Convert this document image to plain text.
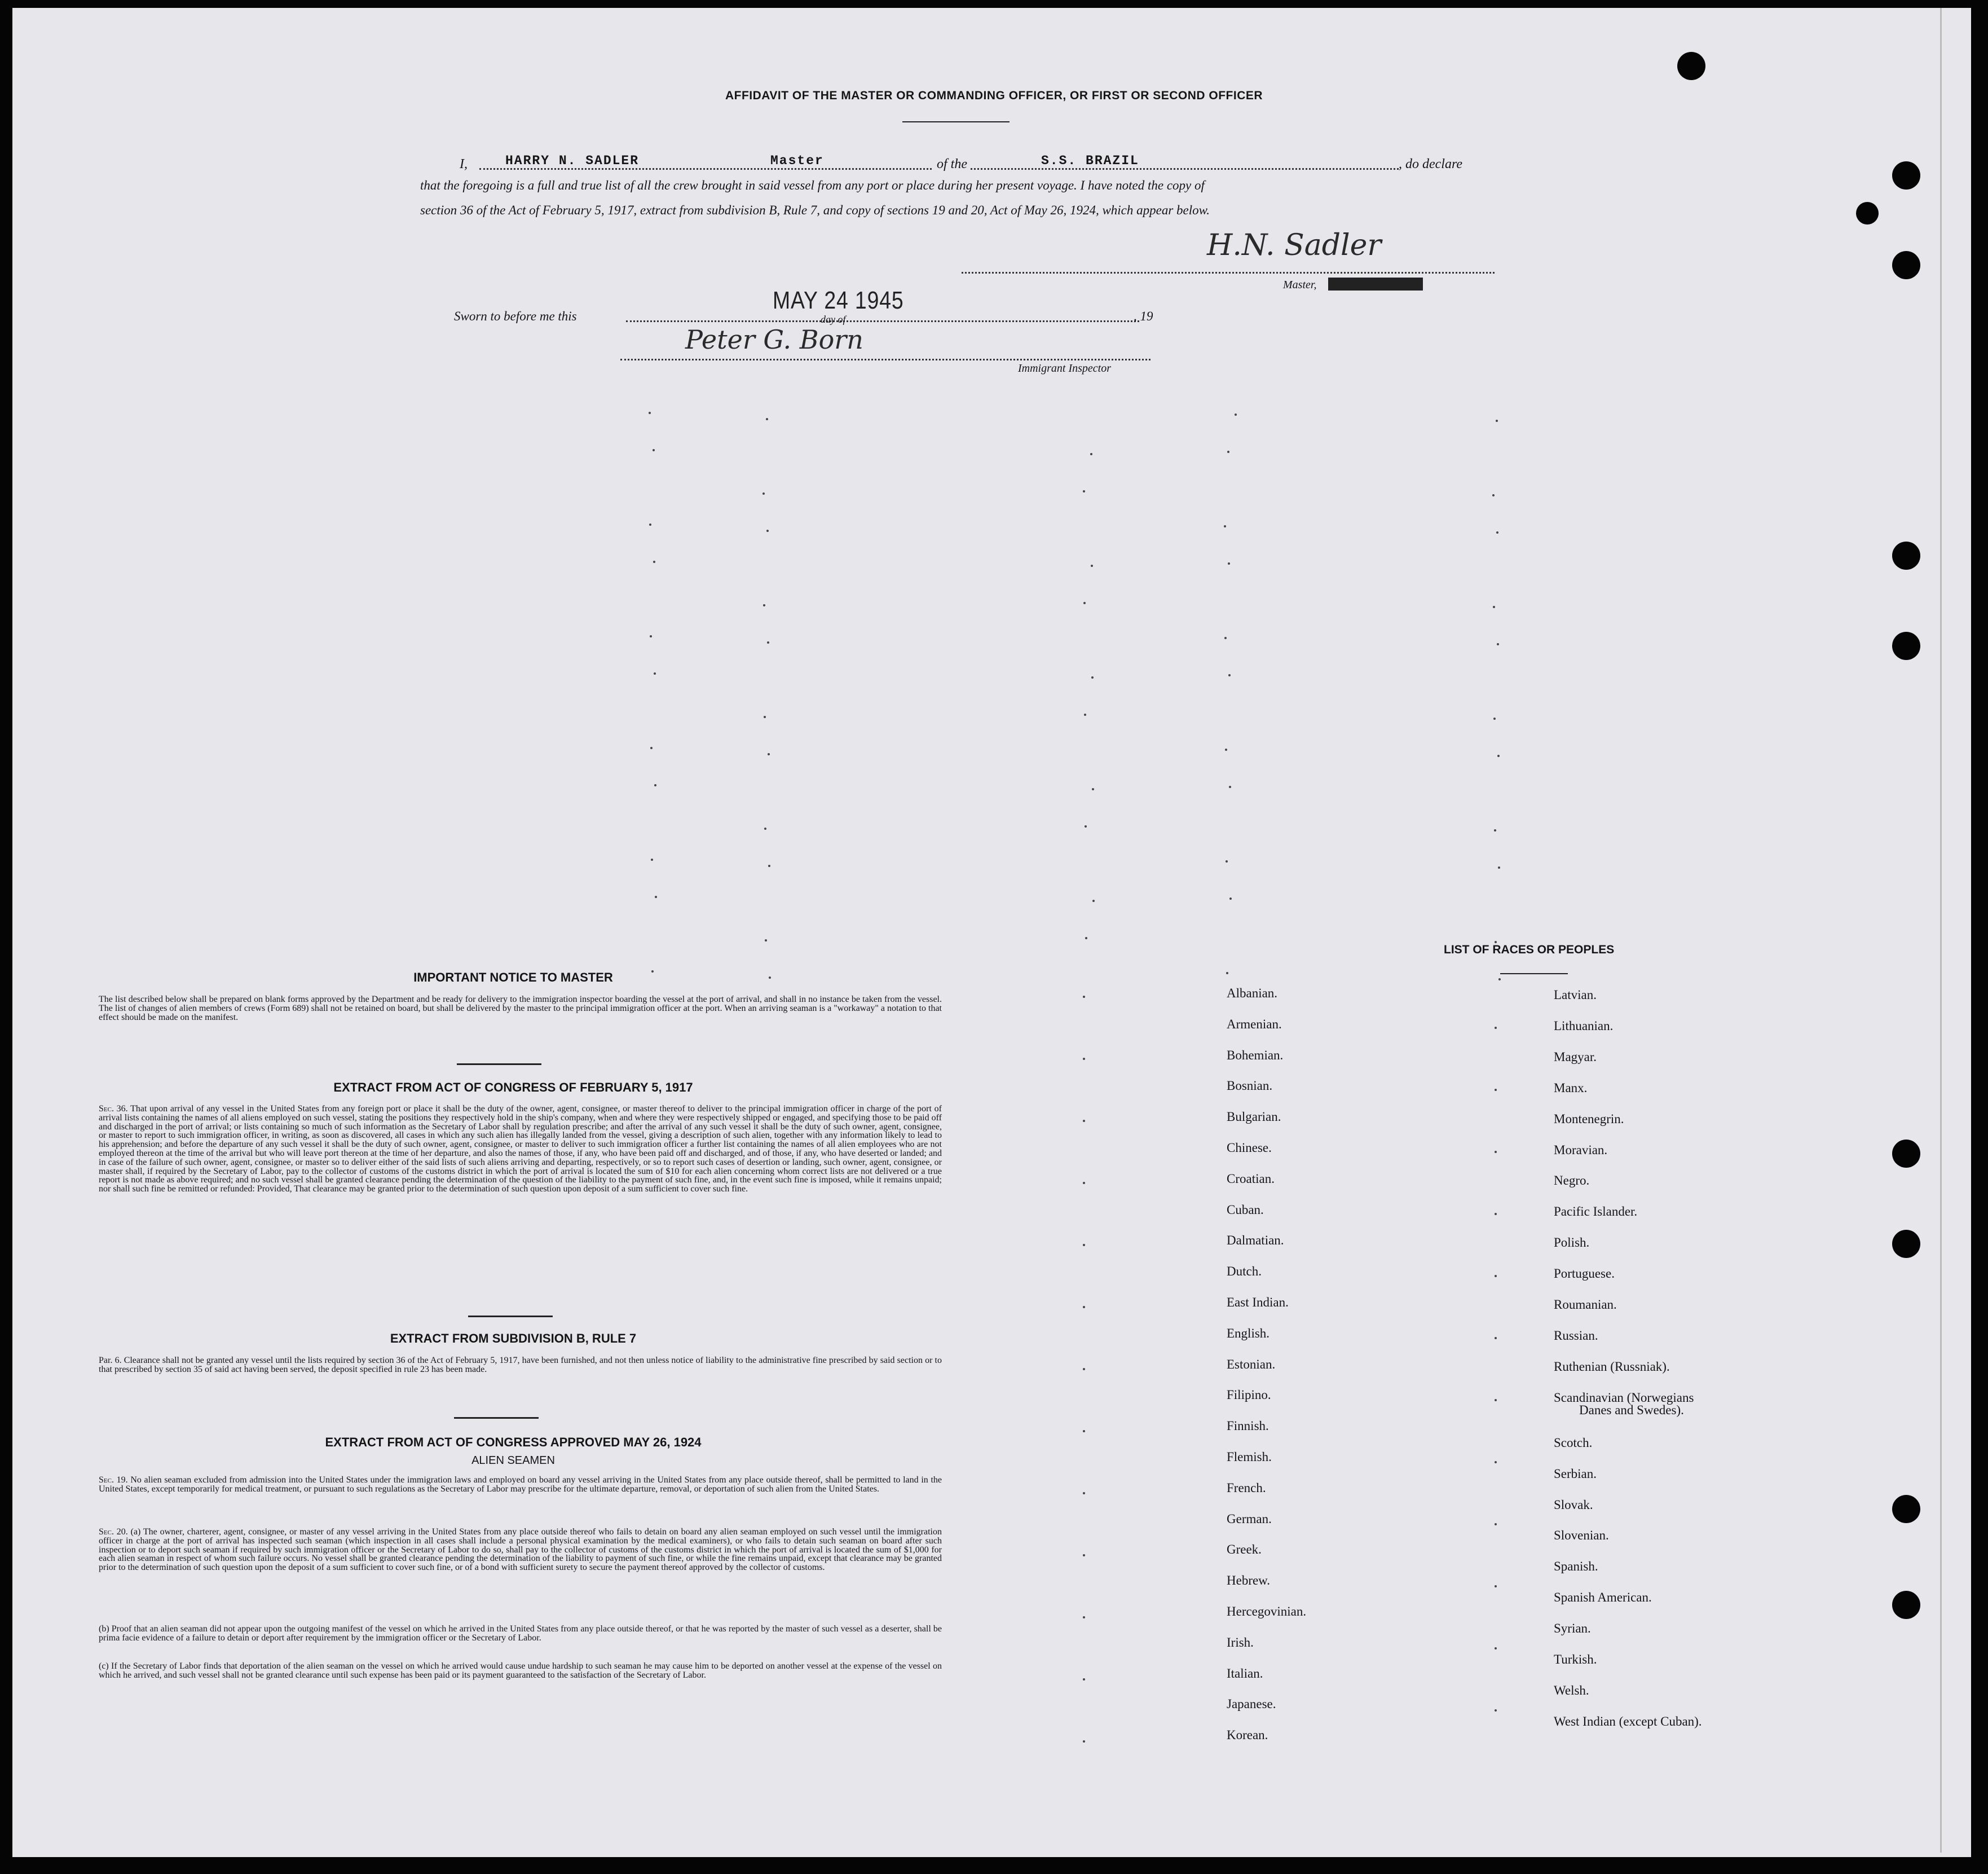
AFFIDAVIT OF THE MASTER OR COMMANDING OFFICER, OR FIRST OR SECOND OFFICER
I,	HARRY N. SADLER	Master	of the	S.S. BRAZIL	, do declare
that the foregoing is a full and true list of all the crew brought in said vessel from any port or place during her present voyage. I have noted the copy of
section 36 of the Act of February 5, 1917, extract from subdivision B, Rule 7, and copy of sections 19 and 20, Act of May 26, 1924, which appear below.
H.N. Sadler
Master, XXXXXXXXXXXXXX
Sworn to before me this
MAY 24 1945
day of	, 19
Peter G. Born
Immigrant Inspector
IMPORTANT NOTICE TO MASTER
The list described below shall be prepared on blank forms approved by the Department and be ready for delivery to the immigration inspector boarding the vessel at the port of arrival, and shall in no instance be taken from the vessel. The list of changes of alien members of crews (Form 689) shall not be retained on board, but shall be delivered by the master to the principal immigration officer at the port. When an arriving seaman is a "workaway" a notation to that effect should be made on the manifest.
EXTRACT FROM ACT OF CONGRESS OF FEBRUARY 5, 1917
Sec. 36. That upon arrival of any vessel in the United States from any foreign port or place it shall be the duty of the owner, agent, consignee, or master thereof to deliver to the principal immigration officer in charge of the port of arrival lists containing the names of all aliens employed on such vessel, stating the positions they respectively hold in the ship's company, when and where they were respectively shipped or engaged, and specifying those to be paid off and discharged in the port of arrival; or lists containing so much of such information as the Secretary of Labor shall by regulation prescribe; and after the arrival of any such vessel it shall be the duty of such owner, agent, consignee, or master to report to such immigration officer, in writing, as soon as discovered, all cases in which any such alien has illegally landed from the vessel, giving a description of such alien, together with any information likely to lead to his apprehension; and before the departure of any such vessel it shall be the duty of such owner, agent, consignee, or master to deliver to such immigration officer a further list containing the names of all alien employees who are not employed thereon at the time of the arrival but who will leave port thereon at the time of her departure, and also the names of those, if any, who have been paid off and discharged, and of those, if any, who have deserted or landed; and in case of the failure of such owner, agent, consignee, or master so to deliver either of the said lists of such aliens arriving and departing, respectively, or so to report such cases of desertion or landing, such owner, agent, consignee, or master shall, if required by the Secretary of Labor, pay to the collector of customs of the customs district in which the port of arrival is located the sum of $10 for each alien concerning whom correct lists are not delivered or a true report is not made as above required; and no such vessel shall be granted clearance pending the determination of the question of the liability to the payment of such fine, and, in the event such fine is imposed, while it remains unpaid; nor shall such fine be remitted or refunded: Provided, That clearance may be granted prior to the determination of such question upon deposit of a sum sufficient to cover such fine.
EXTRACT FROM SUBDIVISION B, RULE 7
Par. 6. Clearance shall not be granted any vessel until the lists required by section 36 of the Act of February 5, 1917, have been furnished, and not then unless notice of liability to the administrative fine prescribed by said section or to that prescribed by section 35 of said act having been served, the deposit specified in rule 23 has been made.
EXTRACT FROM ACT OF CONGRESS APPROVED MAY 26, 1924
ALIEN SEAMEN
Sec. 19. No alien seaman excluded from admission into the United States under the immigration laws and employed on board any vessel arriving in the United States from any place outside thereof, shall be permitted to land in the United States, except temporarily for medical treatment, or pursuant to such regulations as the Secretary of Labor may prescribe for the ultimate departure, removal, or deportation of such alien from the United States.
Sec. 20. (a) The owner, charterer, agent, consignee, or master of any vessel arriving in the United States from any place outside thereof who fails to detain on board any alien seaman employed on such vessel until the immigration officer in charge at the port of arrival has inspected such seaman (which inspection in all cases shall include a personal physical examination by the medical examiners), or who fails to detain such seaman on board after such inspection or to deport such seaman if required by such immigration officer or the Secretary of Labor to do so, shall pay to the collector of customs of the customs district in which the port of arrival is located the sum of $1,000 for each alien seaman in respect of whom such failure occurs. No vessel shall be granted clearance pending the determination of the liability to payment of such fine, or while the fine remains unpaid, except that clearance may be granted prior to the determination of such question upon the deposit of a sum sufficient to cover such fine, or of a bond with sufficient surety to secure the payment thereof approved by the collector of customs.
(b) Proof that an alien seaman did not appear upon the outgoing manifest of the vessel on which he arrived in the United States from any place outside thereof, or that he was reported by the master of such vessel as a deserter, shall be prima facie evidence of a failure to detain or deport after requirement by the immigration officer or the Secretary of Labor.
(c) If the Secretary of Labor finds that deportation of the alien seaman on the vessel on which he arrived would cause undue hardship to such seaman he may cause him to be deported on another vessel at the expense of the vessel on which he arrived, and such vessel shall not be granted clearance until such expense has been paid or its payment guaranteed to the satisfaction of the Secretary of Labor.
LIST OF RACES OR PEOPLES
Albanian.
Armenian.
Bohemian.
Bosnian.
Bulgarian.
Chinese.
Croatian.
Cuban.
Dalmatian.
Dutch.
East Indian.
English.
Estonian.
Filipino.
Finnish.
Flemish.
French.
German.
Greek.
Hebrew.
Hercegovinian.
Irish.
Italian.
Japanese.
Korean.
Latvian.
Lithuanian.
Magyar.
Manx.
Montenegrin.
Moravian.
Negro.
Pacific Islander.
Polish.
Portuguese.
Roumanian.
Russian.
Ruthenian (Russniak).
Scandinavian (Norwegians
Danes and Swedes).
Scotch.
Serbian.
Slovak.
Slovenian.
Spanish.
Spanish American.
Syrian.
Turkish.
Welsh.
West Indian (except Cuban).
